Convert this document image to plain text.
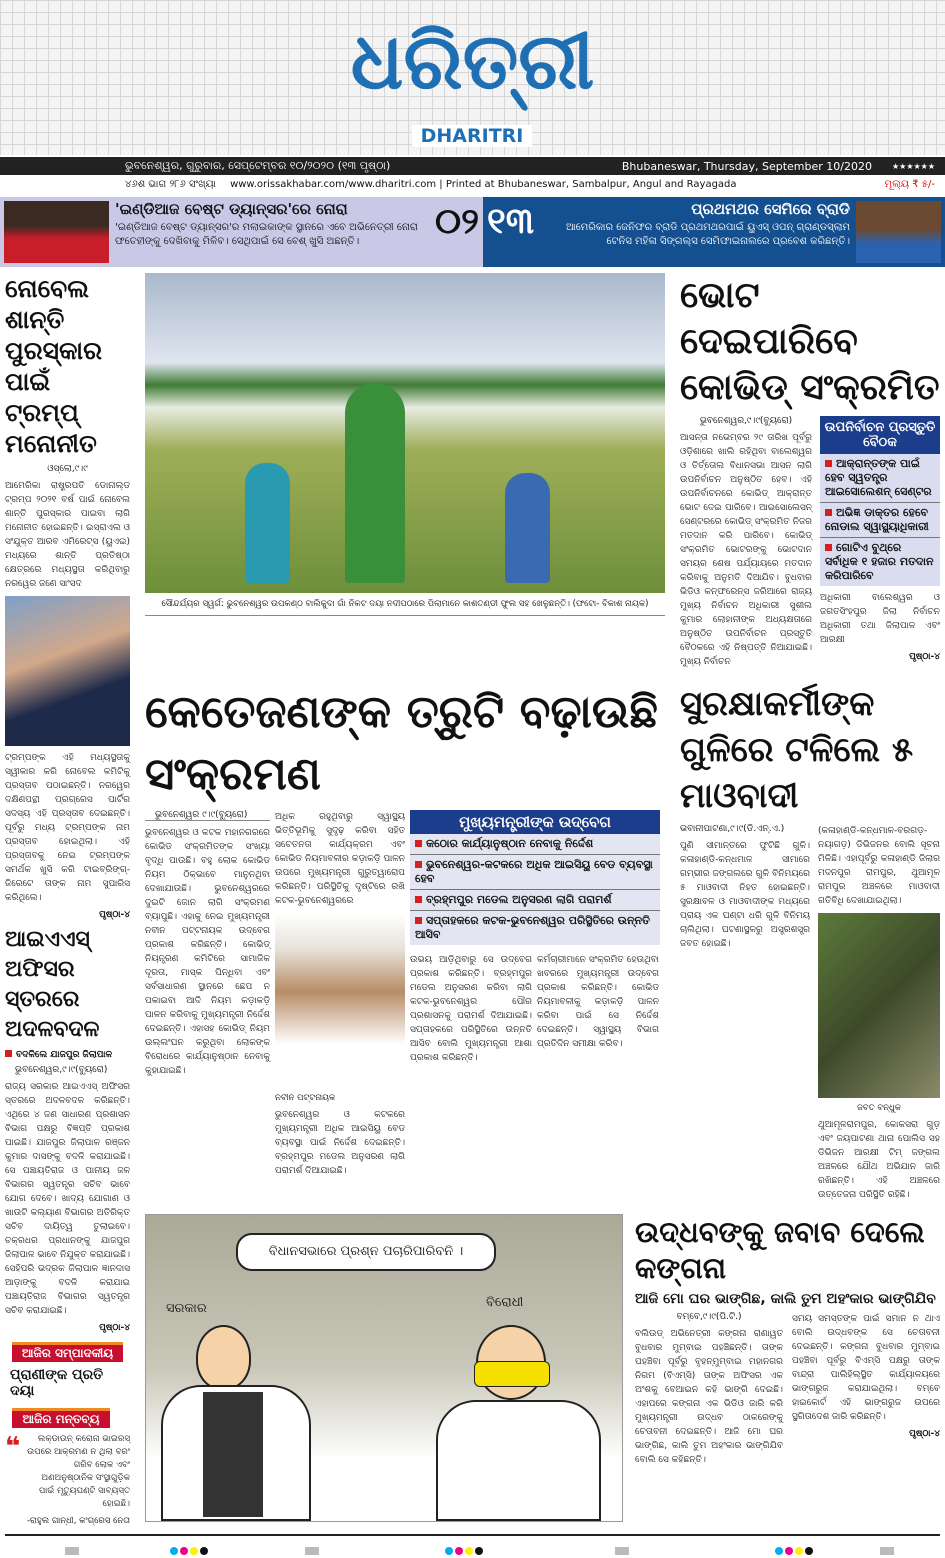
ଧରିତ୍ରୀ
DHARITRI
ଭୁବନେଶ୍ୱର, ଗୁରୁବାର, ସେପ୍ଟେମ୍ବର ୧୦/୨୦୨୦ (୧୩ ପୃଷ୍ଠା)	Bhubaneswar, Thursday, September 10/2020	★★★★★★
୪୬ଶ ଭାଗ ୨୮୬ ସଂଖ୍ୟା www.orissakhabar.com/www.dharitri.com | Printed at Bhubaneswar, Sambalpur, Angul and Rayagada	ମୂଲ୍ୟ ₹ ୫/-
'ଇଣ୍ଡିଆଜ ବେଷ୍ଟ ଡ୍ୟାନ୍ସର'ରେ ନୋରା
'ଇଣ୍ଡିଆଜ ବେଷ୍ଟ ଡ୍ୟାନ୍ସର'ର ମଲାଇକାଙ୍କ ସ୍ଥାନରେ ଏବେ ଅଭିନେତ୍ରୀ ନୋରା ଫତେହୀଙ୍କୁ ଦେଖିବାକୁ ମିଳିବ। ସେଥିପାଇଁ ସେ ବେଶ୍ ଖୁସି ଅଛନ୍ତି।	୦୨ ୧୩	ପ୍ରଥମଥର ସେମିରେ ବ୍ରାଡି
ଆମେରିକାର ଜେନିଫର ବ୍ରାଡି ପ୍ରଥମଥରପାଇଁ ୟୁଏସ୍ ଓପନ୍ ଗ୍ରାଣ୍ଡସ୍ଲାମ ଟେନିସ ମହିଳା ସିଙ୍ଗଲ୍ସ ସେମିଫାଇନାଲରେ ପ୍ରବେଶ କରିଛନ୍ତି।
ନୋବେଲ ଶାନ୍ତି ପୁରସ୍କାର ପାଇଁ ଟ୍ରମ୍ପ୍ ମନୋନୀତ
ଓସ୍ଲୋ,୯।୯
ଆମେରିକା ରାଷ୍ଟ୍ରପତି ଡୋନାଲ୍ଡ ଟ୍ରମ୍ପ ୨୦୨୧ ବର୍ଷ ପାଇଁ ନୋବେଲ ଶାନ୍ତି ପୁରସ୍କାର ପାଇବା ଲାଗି ମନୋନୀତ ହୋଇଛନ୍ତି। ଇସ୍ରାଏଲ ଓ ସଂଯୁକ୍ତ ଆରବ ଏମିରେଟ୍ସ (ୟୁଏଇ) ମଧ୍ୟରେ ଶାନ୍ତି ପ୍ରତିଷ୍ଠା କ୍ଷେତ୍ରରେ ମଧ୍ୟସ୍ଥତା କରିଥିବାରୁ ନରୱେର ଜଣେ ସାଂସଦ
ଟ୍ରମ୍ପଙ୍କ ଏହି ମଧ୍ୟସ୍ଥତାକୁ ସ୍ୱୀକାର କରି ନୋବେଲ କମିଟିକୁ ପ୍ରସ୍ତାବ ପଠାଇଛନ୍ତି। ନରୱେର ଦକ୍ଷିଣପନ୍ଥୀ ପ୍ରଗ୍ରେସ ପାର୍ଟିର ସଦସ୍ୟ ଏହି ପ୍ରସ୍ତାବ ଦେଇଛନ୍ତି। ପୂର୍ବରୁ ମଧ୍ୟ ଟ୍ରମ୍ପଙ୍କ ନାମ ପ୍ରସ୍ତାବ ହୋଇଥିଲା। ଏହି ପ୍ରସ୍ତାବକୁ ନେଇ ଟ୍ରମ୍ପଙ୍କ ସମର୍ଥକ ଖୁସି କରି ଟାଇବ୍ରିଙ୍ଗ୍-ଜିରେଟେ ତାଙ୍କ ନାମ ସୁପାରିସ କରିଥିଲେ।
ପୃଷ୍ଠା-୪
ଆଇଏଏସ୍ ଅଫିସର ସ୍ତରରେ ଅଦଳବଦଳ
ବଦଳିଲେ ଯାଜପୁର ଜିଲାପାଳ
ଭୁବନେଶ୍ୱର,୯।୯(ବ୍ୟୁରୋ)
ରାଜ୍ୟ ସରକାର ଆଇଏଏସ୍ ଅଫିସର ସ୍ତରରେ ଅଦଳବଦଳ କରିଛନ୍ତି। ଏଥିରେ ୪ ଜଣ ସାଧାରଣ ପ୍ରଶାସନ ବିଭାଗ ପକ୍ଷରୁ ବିଜ୍ଞପ୍ତି ପ୍ରକାଶ ପାଇଛି। ଯାଜପୁର ଜିଲାପାଳ ରଞ୍ଜନ କୁମାର ଦାସଙ୍କୁ ବଦଳି କରାଯାଇଛି। ସେ ପଞ୍ଚାୟତିରାଜ ଓ ପାନୀୟ ଜଳ ବିଭାଗର ସ୍ୱତନ୍ତ୍ର ସଚିବ ଭାବେ ଯୋଗ ଦେବେ। ଖାଦ୍ୟ ଯୋଗାଣ ଓ ଖାଉଟି କଲ୍ୟାଣ ବିଭାଗର ଅତିରିକ୍ତ ସଚିବ ଦାୟିତ୍ୱ ତୁଲାଇବେ। ଚକ୍ରଧର ପ୍ରଧାନଙ୍କୁ ଯାଜପୁର ଜିଲାପାଳ ଭାବେ ନିଯୁକ୍ତ କରାଯାଇଛି। ସେହିପରି ଭଦ୍ରକ ଜିଲାପାଳ ଜ୍ଞାନଦାସ ଆଡ଼ାଙ୍କୁ ବଦଳି କରାଯାଇ ପଞ୍ଚାୟତିରାଜ ବିଭାଗର ସ୍ୱତନ୍ତ୍ର ସଚିବ କରାଯାଇଛି।
ପୃଷ୍ଠା-୪
ଆଜିର ସମ୍ପାଦକୀୟ
ପ୍ରାଣୀଙ୍କ ପ୍ରତି ଦୟା
ଆଜିର ମନ୍ତବ୍ୟ
❝	ଲକ୍ଡାଉନ୍ କରୋନା ଭାଇରସ୍ ଉପରେ ଆକ୍ରମଣ ନ ଥିଲା ବରଂ ଗରିବ ଲୋକ ଏବଂ ଅଣଅନୁଷ୍ଠାନିକ ସଂସ୍ଥାଗୁଡ଼ିକ ପାଇଁ ମୃତ୍ୟୁଘଣ୍ଟି ସାବ୍ୟସ୍ତ ହୋଇଛି।
-ରାହୁଲ ଗାନ୍ଧୀ, କଂଗ୍ରେସ ନେତା
ସୌନ୍ଦର୍ଯ୍ୟର ସ୍ୱର୍ଗ: ଭୁବନେଶ୍ୱର ଉପକଣ୍ଠ ବାଲିକୁଦା ଗାଁ ନିକଟ ଦୟା ନଦୀପଠାରେ ପିଲାମାନେ କାଶତଣ୍ଡୀ ଫୁଲ ସହ ଖେଳୁଛନ୍ତି। (ଫଟୋ- ବିକାଶ ନାୟକ)
ଭୋଟ ଦେଇପାରିବେ କୋଭିଡ୍ ସଂକ୍ରମିତ
ଭୁବନେଶ୍ୱର,୯।୯(ବ୍ୟୁରୋ)
ଆସନ୍ତା ନଭେମ୍ବର ୨୯ ତାରିଖ ପୂର୍ବରୁ ଓଡ଼ିଶାରେ ଖାଲି ରହିଥିବା ବାଲେଶ୍ୱର ଓ ତିର୍ତ୍ତୋଲ ବିଧାନସଭା ଆସନ ଲାଗି ଉପନିର୍ବାଚନ ଅନୁଷ୍ଠିତ ହେବ। ଏହି ଉପନିର୍ବାଚନରେ କୋଭିଡ୍ ଆକ୍ରାନ୍ତ ଭୋଟ ଦେଇ ପାରିବେ। ଆଇସୋଲେସନ୍ ସେଣ୍ଟରରେ କୋଭିଡ୍ ସଂକ୍ରମିତ ନିଜର ମତଦାନ କରି ପାରିବେ। କୋଭିଡ୍ ସଂକ୍ରମିତ ଭୋଟରଙ୍କୁ ଭୋଟଦାନ ସମୟର ଶେଷ ପର୍ଯ୍ୟାୟରେ ମତଦାନ କରିବାକୁ ଅନୁମତି ଦିଆଯିବ। ବୁଧବାର ଭିଡିଓ କନ୍ଫରେନ୍ସ ଜରିଆରେ ରାଜ୍ୟ ମୁଖ୍ୟ ନିର୍ବାଚନ ଅଧିକାରୀ ସୁଶୀଲ କୁମାର ଲୋହାନୀଙ୍କ ଅଧ୍ୟକ୍ଷତାରେ ଅନୁଷ୍ଠିତ ଉପନିର୍ବାଚନ ପ୍ରସ୍ତୁତି ବୈଠକରେ ଏହି ନିଷ୍ପତ୍ତି ନିଆଯାଇଛି। ମୁଖ୍ୟ ନିର୍ବାଚନ
ଉପନିର୍ବାଚନ ପ୍ରସ୍ତୁତି ବୈଠକ
ଆକ୍ରାନ୍ତଙ୍କ ପାଇଁ ହେବ ସ୍ୱତନ୍ତ୍ର ଆଇସୋଲେଶନ୍ ସେଣ୍ଟର
ଅଭିଜ୍ଞ ଡାକ୍ତର ହେବେ ନୋଡାଲ ସ୍ୱାସ୍ଥ୍ୟାଧିକାରୀ
ଗୋଟିଏ ବୁଥ୍‌ରେ ସର୍ବାଧିକ ୧ ହଜାର ମତଦାନ କରିପାରିବେ
ଅଧିକାରୀ ବାଲେଶ୍ୱର ଓ ଜଗତସିଂହପୁର ଜିଲା ନିର୍ବାଚନ ଅଧିକାରୀ ତଥା ଜିଲାପାଳ ଏବଂ ଆରକ୍ଷୀ
ପୃଷ୍ଠା-୪
କେତେଜଣଙ୍କ ତ୍ରୁଟି ବଢ଼ାଉଛି ସଂକ୍ରମଣ
ଭୁବନେଶ୍ୱର ୯।୯(ବ୍ୟୁରୋ)
ଭୁବନେଶ୍ୱର ଓ କଟକ ମହାନଗରରେ କୋଭିଡ ସଂକ୍ରମିତଙ୍କ ସଂଖ୍ୟା ବୃଦ୍ଧି ପାଉଛି। ବହୁ ଲୋକ କୋଭିଡ ନିୟମ ଠିକ୍‌ଭାବେ ମାନୁନଥିବା ଦେଖାଯାଉଛି। ଭୁବନେଶ୍ୱରରେ ଦୁଇଟି ଜୋନ ଲାଗି ସଂକ୍ରମଣ ବ୍ୟାପୁଛି। ଏହାକୁ ନେଇ ମୁଖ୍ୟମନ୍ତ୍ରୀ ନବୀନ ପଟ୍ଟନାୟକ ଉଦ୍‌ବେଗ ପ୍ରକାଶ କରିଛନ୍ତି। କୋଭିଡ୍ ନିୟନ୍ତ୍ରଣ କମିଟିରେ ସାମାଜିକ ଦୂରତା, ମାସ୍କ ପିନ୍ଧିବା ଏବଂ ସର୍ବସାଧାରଣ ସ୍ଥାନରେ ଛେପ ନ ପକାଇବା ଆଦି ନିୟମ କଡ଼ାକଡ଼ି ପାଳନ କରିବାକୁ ମୁଖ୍ୟମନ୍ତ୍ରୀ ନିର୍ଦ୍ଦେଶ ଦେଇଛନ୍ତି। ଏହାସହ କୋଭିଡ୍ ନିୟମ ଉଲ୍ଲଂଘନ କରୁଥିବା ଲୋକଙ୍କ ବିରୋଧରେ କାର୍ଯ୍ୟାନୁଷ୍ଠାନ ନେବାକୁ କୁହାଯାଇଛି।
ଅଧିକ ରହୁଥିବାରୁ ସ୍ୱାସ୍ଥ୍ୟ ଭିତ୍ତିଭୂମିକୁ ସୁଦୃଢ଼ କରିବା ସହିତ ସଚେତନତା କାର୍ଯ୍ୟକ୍ରମ ଏବଂ କୋଭିଡ ନିୟମାବଳୀର କଡ଼ାକଡ଼ି ପାଳନ ଉପରେ ମୁଖ୍ୟମନ୍ତ୍ରୀ ଗୁରୁତ୍ୱାରୋପ କରିଛନ୍ତି। ପରିସ୍ଥିତିକୁ ଦୃଷ୍ଟିରେ ରଖି କଟକ-ଭୁବନେଶ୍ୱରରେ
ନବୀନ ପଟ୍ଟନାୟକ
ଭୁବନେଶ୍ୱର ଓ କଟକରେ ମୁଖ୍ୟମନ୍ତ୍ରୀ ଅଧିକ ଆଇସିୟୁ ବେଡ ବ୍ୟବସ୍ଥା ପାଇଁ ନିର୍ଦ୍ଦେଶ ଦେଇଛନ୍ତି। ବ୍ରହ୍ମପୁର ମଡେଲ ଅନୁସରଣ ଲାଗି ପରାମର୍ଶ ଦିଆଯାଇଛି।
ମୁଖ୍ୟମନ୍ତ୍ରୀଙ୍କ ଉଦ୍‌ବେଗ
କଠୋର କାର୍ଯ୍ୟାନୁଷ୍ଠାନ ନେବାକୁ ନିର୍ଦ୍ଦେଶ
ଭୁବନେଶ୍ୱର-କଟକରେ ଅଧିକ ଆଇସିୟୁ ବେଡ ବ୍ୟବସ୍ଥା ହେବ
ବ୍ରହ୍ମପୁର ମଡେଲ ଅନୁସରଣ ଲାଗି ପରାମର୍ଶ
ସପ୍ତାହକରେ କଟକ-ଭୁବନେଶ୍ୱର ପରିସ୍ଥିତିରେ ଉନ୍ନତି ଆସିବ
ଉଭୟ ଆଡ଼ିଥିବାରୁ ସେ ଉଦ୍‌ବେଗ ପ୍ରକାଶ କରିଛନ୍ତି। ବ୍ରହ୍ମପୁର ମଡେଲ ଅନୁସରଣ କରିବା ଲାଗି କଟକ-ଭୁବନେଶ୍ୱର ପୌର ପ୍ରଶାସନକୁ ପରାମର୍ଶ ଦିଆଯାଇଛି। ସପ୍ତାହକରେ ପରିସ୍ଥିତିରେ ଉନ୍ନତି ଆସିବ ବୋଲି ମୁଖ୍ୟମନ୍ତ୍ରୀ ଆଶା ପ୍ରକାଶ କରିଛନ୍ତି।
କର୍ମଚାରୀମାନେ ସଂକ୍ରମିତ ହେଉଥିବା ଖବରରେ ମୁଖ୍ୟମନ୍ତ୍ରୀ ଉଦ୍‌ବେଗ ପ୍ରକାଶ କରିଛନ୍ତି। କୋଭିଡ ନିୟମାବଳୀକୁ କଡ଼ାକଡ଼ି ପାଳନ କରିବା ପାଇଁ ସେ ନିର୍ଦ୍ଦେଶ ଦେଇଛନ୍ତି। ସ୍ୱାସ୍ଥ୍ୟ ବିଭାଗ ପ୍ରତିଦିନ ସମୀକ୍ଷା କରିବ।
ସୁରକ୍ଷାକର୍ମୀଙ୍କ ଗୁଳିରେ ଟଳିଲେ ୫ ମାଓବାଦୀ
ଭବାନୀପାଟଣା,୯।୯(ଡି.ଏନ୍.ଏ.)
ପୁଣି ସୀମାନ୍ତରେ ଫୁଟିଛି ଗୁଳି। କଳାହାଣ୍ଡି-କନ୍ଧମାଳ ସୀମାରେ ଗମ୍ଭୀର ଜଙ୍ଗଲରେ ଗୁଳି ବିନିମୟରେ ୫ ମାଓବାଦୀ ନିହତ ହୋଇଛନ୍ତି। ସୁରକ୍ଷାବଳ ଓ ମାଓବାଦୀଙ୍କ ମଧ୍ୟରେ ପ୍ରାୟ ଏକ ଘଣ୍ଟା ଧରି ଗୁଳି ବିନିମୟ ଚାଲିଥିଲା। ଘଟଣାସ୍ଥଳରୁ ଅସ୍ତ୍ରଶସ୍ତ୍ର ଜବତ ହୋଇଛି।
(କଳାହାଣ୍ଡି-କନ୍ଧମାଳ-ବରଗଡ଼-ନୟାଗଡ଼) ଡିଭିଜନର ବୋଲି ସୂଚନା ମିଳିଛି। ଏହାପୂର୍ବରୁ କଳାହାଣ୍ଡି ଜିଲାର ମଦନପୁର ରାମପୁର, ଥୁଆମୂଳ ରାମପୁର ଅଞ୍ଚଳରେ ମାଓବାଦୀ ଗତିବିଧି ଦେଖାଯାଇଥିଲା।
ଜବତ ବନ୍ଧୁକ
ଥୁଆମୂଳରାମପୁର, କୋକସରା ଗୁଡ଼ ଏବଂ ଜୟପାଟଣା ଥାନା ପୋଲିସ ସହ ଡିଭିଜନ ଆରକ୍ଷୀ ଟିମ୍ ଜଙ୍ଗଲ ଅଞ୍ଚଳରେ ଯୌଥ ଅଭିଯାନ ଜାରି ରଖିଛନ୍ତି। ଏହି ଅଞ୍ଚଳରେ ଉତ୍ତେଜନା ପରିସ୍ଥିତି ରହିଛି।
ବିଧାନସଭାରେ ପ୍ରଶ୍ନ ପଚାରିପାରିବନି ।
ସରକାର	ବିରୋଧୀ
ଉଦ୍ଧବଙ୍କୁ ଜବାବ ଦେଲେ କଙ୍ଗନା
ଆଜି ମୋ ଘର ଭାଙ୍ଗିଛ, କାଲି ତୁମ ଅହଂକାର ଭାଙ୍ଗିଯିବ
ବମ୍ବେ,୯।୯(ପି.ଟି.)
ବଲିଉଡ୍ ଅଭିନେତ୍ରୀ କଙ୍ଗନା ରାଣାୱତ ବୁଧବାର ମୁମ୍ବାଇ ପହଞ୍ଚିଛନ୍ତି। ତାଙ୍କ ପହଞ୍ଚିବା ପୂର୍ବରୁ ବୃହନ୍ମୁମ୍ବାଇ ମହାନଗର ନିଗମ (ବିଏମ୍‌ସି) ତାଙ୍କ ଅଫିସର ଏକ ଅଂଶକୁ ବେଆଇନ କହି ଭାଙ୍ଗି ଦେଇଛି। ଏହାପରେ କଙ୍ଗନା ଏକ ଭିଡିଓ ଜାରି କରି ମୁଖ୍ୟମନ୍ତ୍ରୀ ଉଦ୍ଧବ ଠାକରେଙ୍କୁ ଚେତାବନୀ ଦେଇଛନ୍ତି। ଆଜି ମୋ ଘର ଭାଙ୍ଗିଛ, କାଲି ତୁମ ଅହଂକାର ଭାଙ୍ଗିଯିବ ବୋଲି ସେ କହିଛନ୍ତି।
ସମୟ ସମସ୍ତଙ୍କ ପାଇଁ ସମାନ ନ ଥାଏ ବୋଲି ଉଦ୍ଧବଙ୍କ ସେ ଚେତାବନୀ ଦେଇଛନ୍ତି। କଙ୍ଗନା ବୁଧବାର ମୁମ୍ବାଇ ପହଞ୍ଚିବା ପୂର୍ବରୁ ବିଏମ୍‌ସି ପକ୍ଷରୁ ତାଙ୍କ ବାନ୍ଦ୍ରା ପାଲିହିଲ୍‌ସ୍ଥିତ କାର୍ଯ୍ୟାଳୟରେ ଭାଙ୍ଗରୁଜ କରାଯାଇଥିଲା। ବମ୍ବେ ହାଇକୋର୍ଟ ଏହି ଭାଙ୍ଗରୁଜ ଉପରେ ସ୍ଥଗିତାଦେଶ ଜାରି କରିଛନ୍ତି।
ପୃଷ୍ଠା-୪
